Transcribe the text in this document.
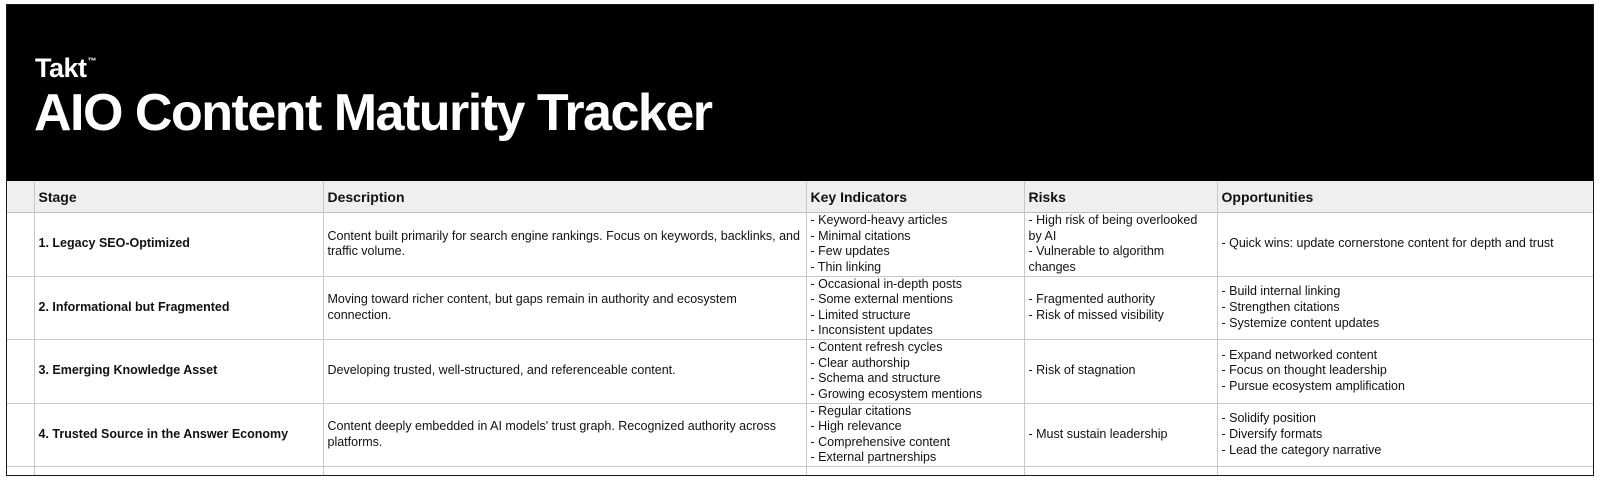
Takt™
AIO Content Maturity Tracker
	Stage	Description	Key Indicators	Risks	Opportunities
	1. Legacy SEO-Optimized	Content built primarily for search engine rankings. Focus on keywords, backlinks, and traffic volume.	- Keyword-heavy articles
- Minimal citations
- Few updates
- Thin linking	- High risk of being overlooked by AI
- Vulnerable to algorithm changes	- Quick wins: update cornerstone content for depth and trust
	2. Informational but Fragmented	Moving toward richer content, but gaps remain in authority and ecosystem connection.	- Occasional in-depth posts
- Some external mentions
- Limited structure
- Inconsistent updates	- Fragmented authority
- Risk of missed visibility	- Build internal linking
- Strengthen citations
- Systemize content updates
	3. Emerging Knowledge Asset	Developing trusted, well-structured, and referenceable content.	- Content refresh cycles
- Clear authorship
- Schema and structure
- Growing ecosystem mentions	- Risk of stagnation	- Expand networked content
- Focus on thought leadership
- Pursue ecosystem amplification
	4. Trusted Source in the Answer Economy	Content deeply embedded in AI models' trust graph. Recognized authority across platforms.	- Regular citations
- High relevance
- Comprehensive content
- External partnerships	- Must sustain leadership	- Solidify position
- Diversify formats
- Lead the category narrative
